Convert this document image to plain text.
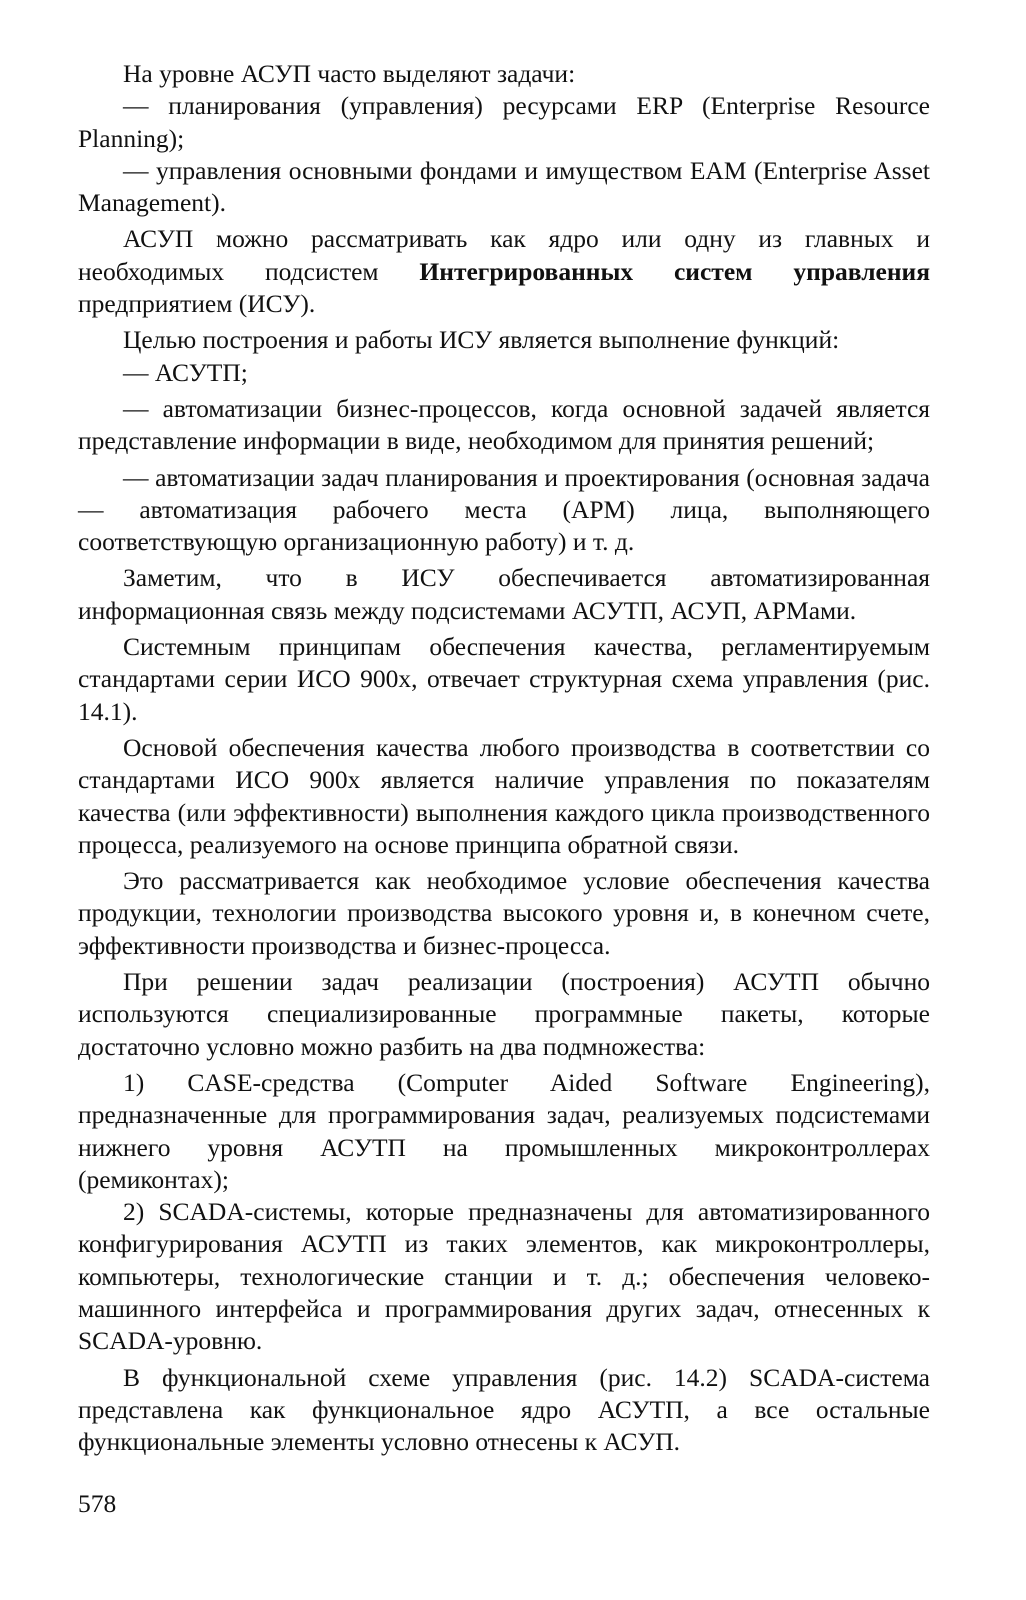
На уровне АСУП часто выделяют задачи:

— планирования (управления) ресурсами ERP (Enterprise Resource Planning);

— управления основными фондами и имуществом ЕАМ (Enterprise Asset Management).

АСУП можно рассматривать как ядро или одну из главных и необходимых подсистем Интегрированных систем управления предприятием (ИСУ).

Целью построения и работы ИСУ является выполнение функций:

— АСУТП;

— автоматизации бизнес-процессов, когда основной задачей является представление информации в виде, необходимом для принятия решений;

— автоматизации задач планирования и проектирования (основная задача — автоматизация рабочего места (АРМ) лица, выполняющего соответствующую организационную работу) и т. д.

Заметим, что в ИСУ обеспечивается автоматизированная информационная связь между подсистемами АСУТП, АСУП, АРМами.

Системным принципам обеспечения качества, регламентируемым стандартами серии ИСО 900x, отвечает структурная схема управления (рис. 14.1).

Основой обеспечения качества любого производства в соответствии со стандартами ИСО 900х является наличие управления по показателям качества (или эффективности) выполнения каждого цикла производственного процесса, реализуемого на основе принципа обратной связи.

Это рассматривается как необходимое условие обеспечения качества продукции, технологии производства высокого уровня и, в конечном счете, эффективности производства и бизнес-процесса.

При решении задач реализации (построения) АСУТП обычно используются специализированные программные пакеты, которые достаточно условно можно разбить на два подмножества:

1) CASE-средства (Computer Aided Software Engineering), предназначенные для программирования задач, реализуемых подсистемами нижнего уровня АСУТП на промышленных микроконтроллерах (ремиконтах);

2) SCADA-системы, которые предназначены для автоматизированного конфигурирования АСУТП из таких элементов, как микроконтроллеры, компьютеры, технологические станции и т. д.; обеспечения человеко-машинного интерфейса и программирования других задач, отнесенных к SCADA-уровню.

В функциональной схеме управления (рис. 14.2) SCADA-система представлена как функциональное ядро АСУТП, а все остальные функциональные элементы условно отнесены к АСУП.

578
